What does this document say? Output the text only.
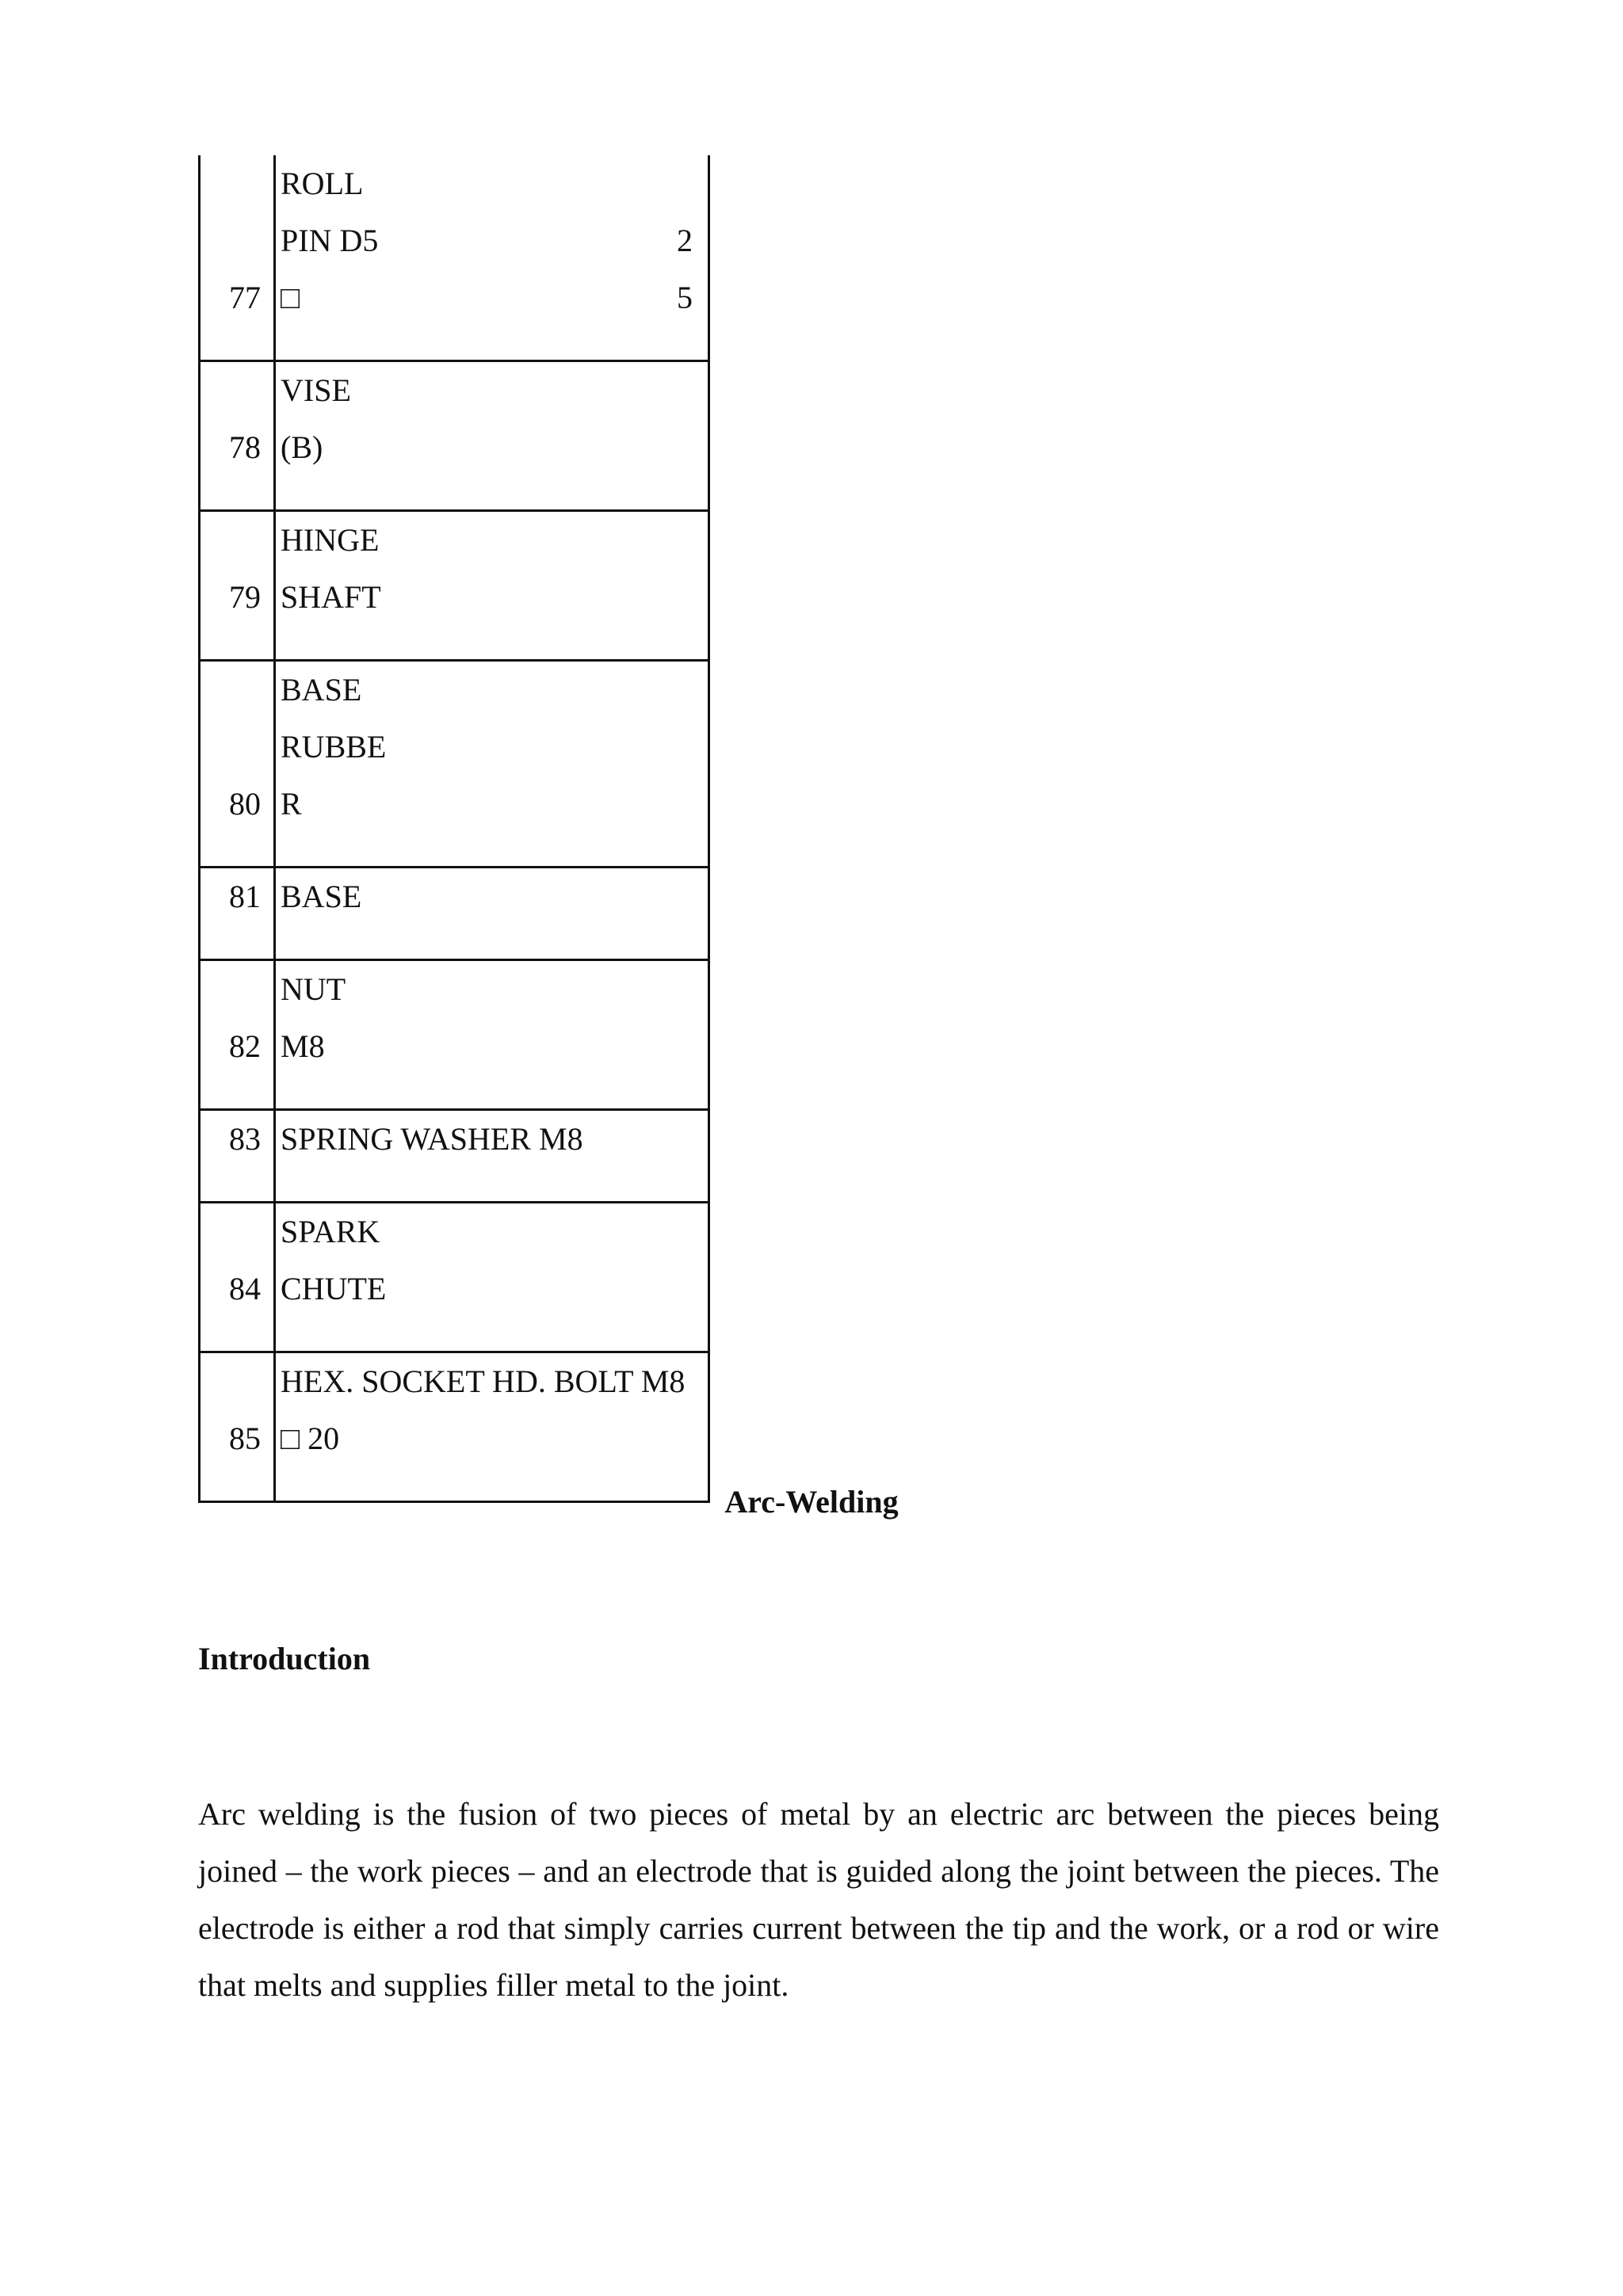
77	ROLL
PIN D5 2
□ 5

78	VISE
(B)

79	HINGE
SHAFT

80	BASE
RUBBE
R

81	BASE

82	NUT
M8

83	SPRING WASHER M8

84	SPARK
CHUTE

85	HEX. SOCKET HD. BOLT M8
□ 20
Arc-Welding
Introduction

Arc welding is the fusion of two pieces of metal by an electric arc between the pieces being joined – the work pieces – and an electrode that is guided along the joint between the pieces. The electrode is either a rod that simply carries current between the tip and the work, or a rod or wire that melts and supplies filler metal to the joint.
